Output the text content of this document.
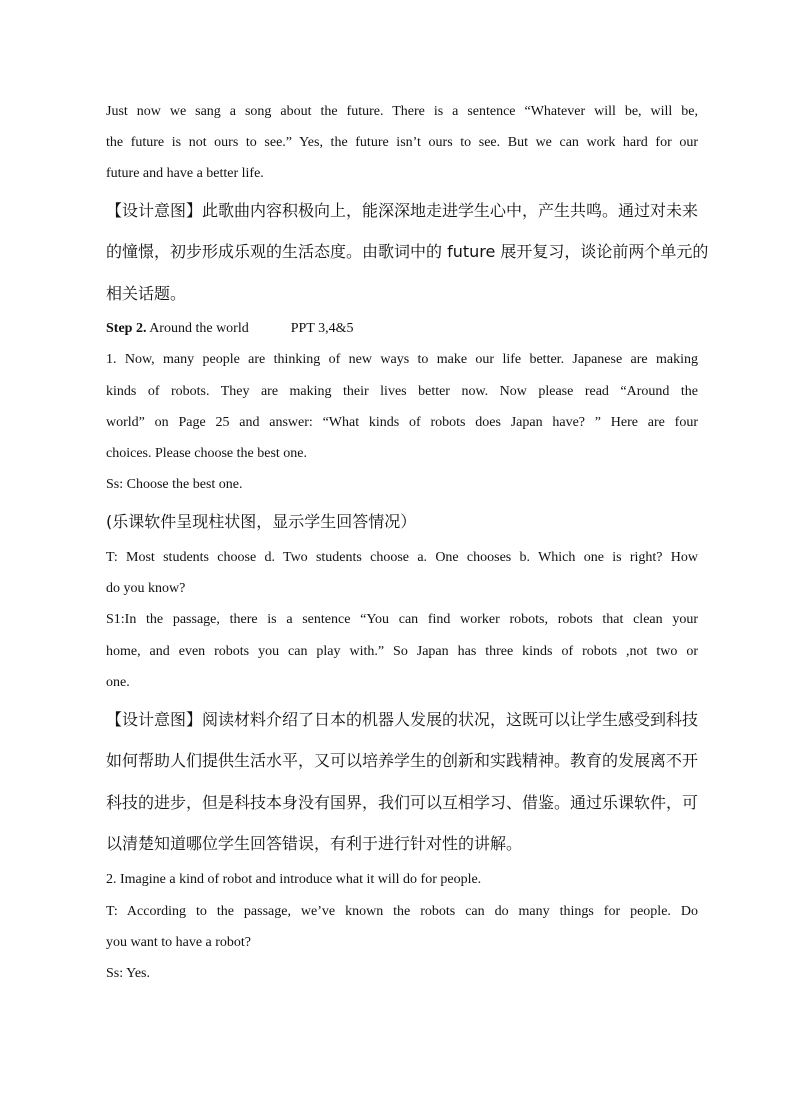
Just now we sang a song about the future. There is a sentence “Whatever will be, will be,

the future is not ours to see.” Yes, the future isn’t ours to see. But we can work hard for our

future and have a better life.

【设计意图】此歌曲内容积极向上，能深深地走进学生心中，产生共鸣。通过对未来

的憧憬，初步形成乐观的生活态度。由歌词中的 future 展开复习，谈论前两个单元的

相关话题。

Step 2. Around the world	PPT 3,4&5

1. Now, many people are thinking of new ways to make our life better. Japanese are making

kinds of robots. They are making their lives better now. Now please read “Around the

world” on Page 25 and answer: “What kinds of robots does Japan have? ” Here are four

choices. Please choose the best one.

Ss: Choose the best one.

(乐课软件呈现柱状图，显示学生回答情况）

T: Most students choose d. Two students choose a. One chooses b. Which one is right? How

do you know?

S1:In the passage, there is a sentence “You can find worker robots, robots that clean your

home, and even robots you can play with.” So Japan has three kinds of robots ,not two or

one.

【设计意图】阅读材料介绍了日本的机器人发展的状况，这既可以让学生感受到科技

如何帮助人们提供生活水平，又可以培养学生的创新和实践精神。教育的发展离不开

科技的进步，但是科技本身没有国界，我们可以互相学习、借鉴。通过乐课软件，可

以清楚知道哪位学生回答错误，有利于进行针对性的讲解。

2. Imagine a kind of robot and introduce what it will do for people.

T: According to the passage, we’ve known the robots can do many things for people. Do

you want to have a robot?

Ss: Yes.
